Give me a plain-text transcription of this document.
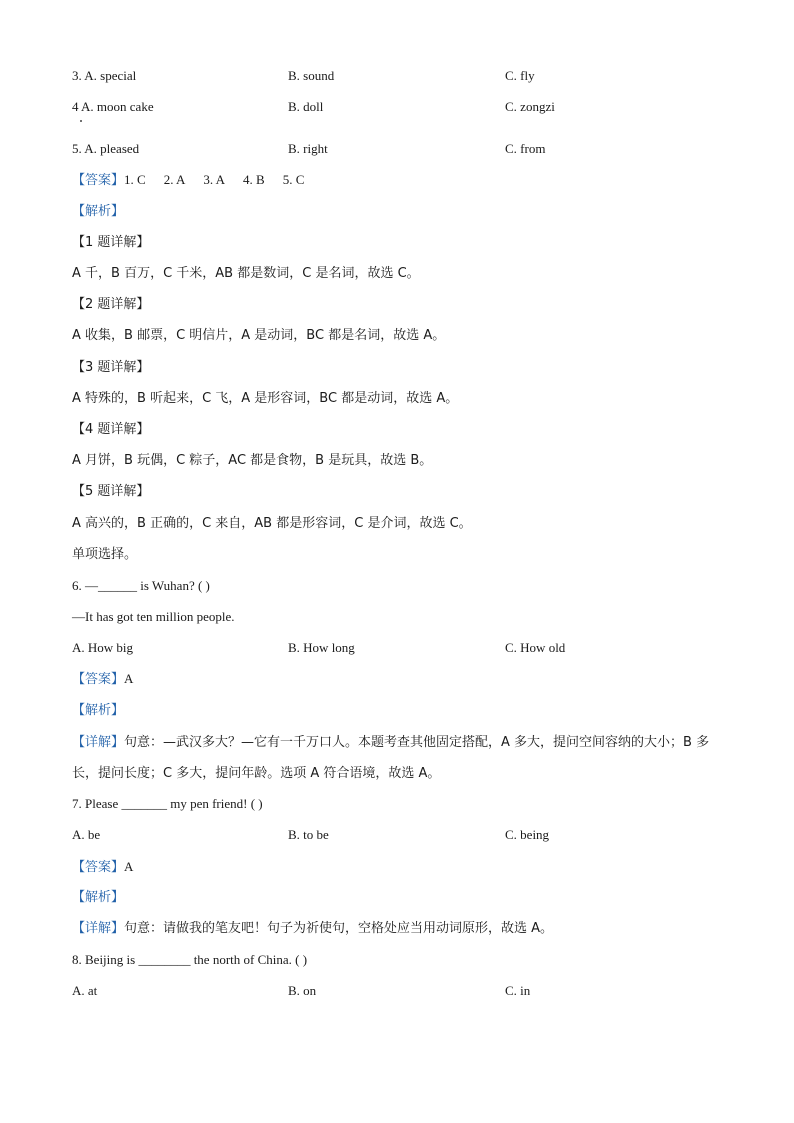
3. A. special	B. sound	C. fly
4 A. moon cake	B. doll	C. zongzi
5. A. pleased	B. right	C. from
【答案】1. C 2. A 3. A 4. B 5. C
【解析】
【1 题详解】
A 千，B 百万，C 千米，AB 都是数词，C 是名词，故选 C。
【2 题详解】
A 收集，B 邮票，C 明信片，A 是动词，BC 都是名词，故选 A。
【3 题详解】
A 特殊的，B 听起来，C 飞，A 是形容词，BC 都是动词，故选 A。
【4 题详解】
A 月饼，B 玩偶，C 粽子，AC 都是食物，B 是玩具，故选 B。
【5 题详解】
A 高兴的，B 正确的，C 来自，AB 都是形容词，C 是介词，故选 C。
单项选择。
6. —______ is Wuhan? ( )
—It has got ten million people.
A. How big	B. How long	C. How old
【答案】A
【解析】
【详解】句意：—武汉多大？—它有一千万口人。本题考查其他固定搭配，A 多大，提问空间容纳的大小；B 多长，提问长度；C 多大，提问年龄。选项 A 符合语境，故选 A。
7. Please _______ my pen friend! ( )
A. be	B. to be	C. being
【答案】A
【解析】
【详解】句意：请做我的笔友吧！句子为祈使句，空格处应当用动词原形，故选 A。
8. Beijing is ________ the north of China. ( )
A. at	B. on	C. in
